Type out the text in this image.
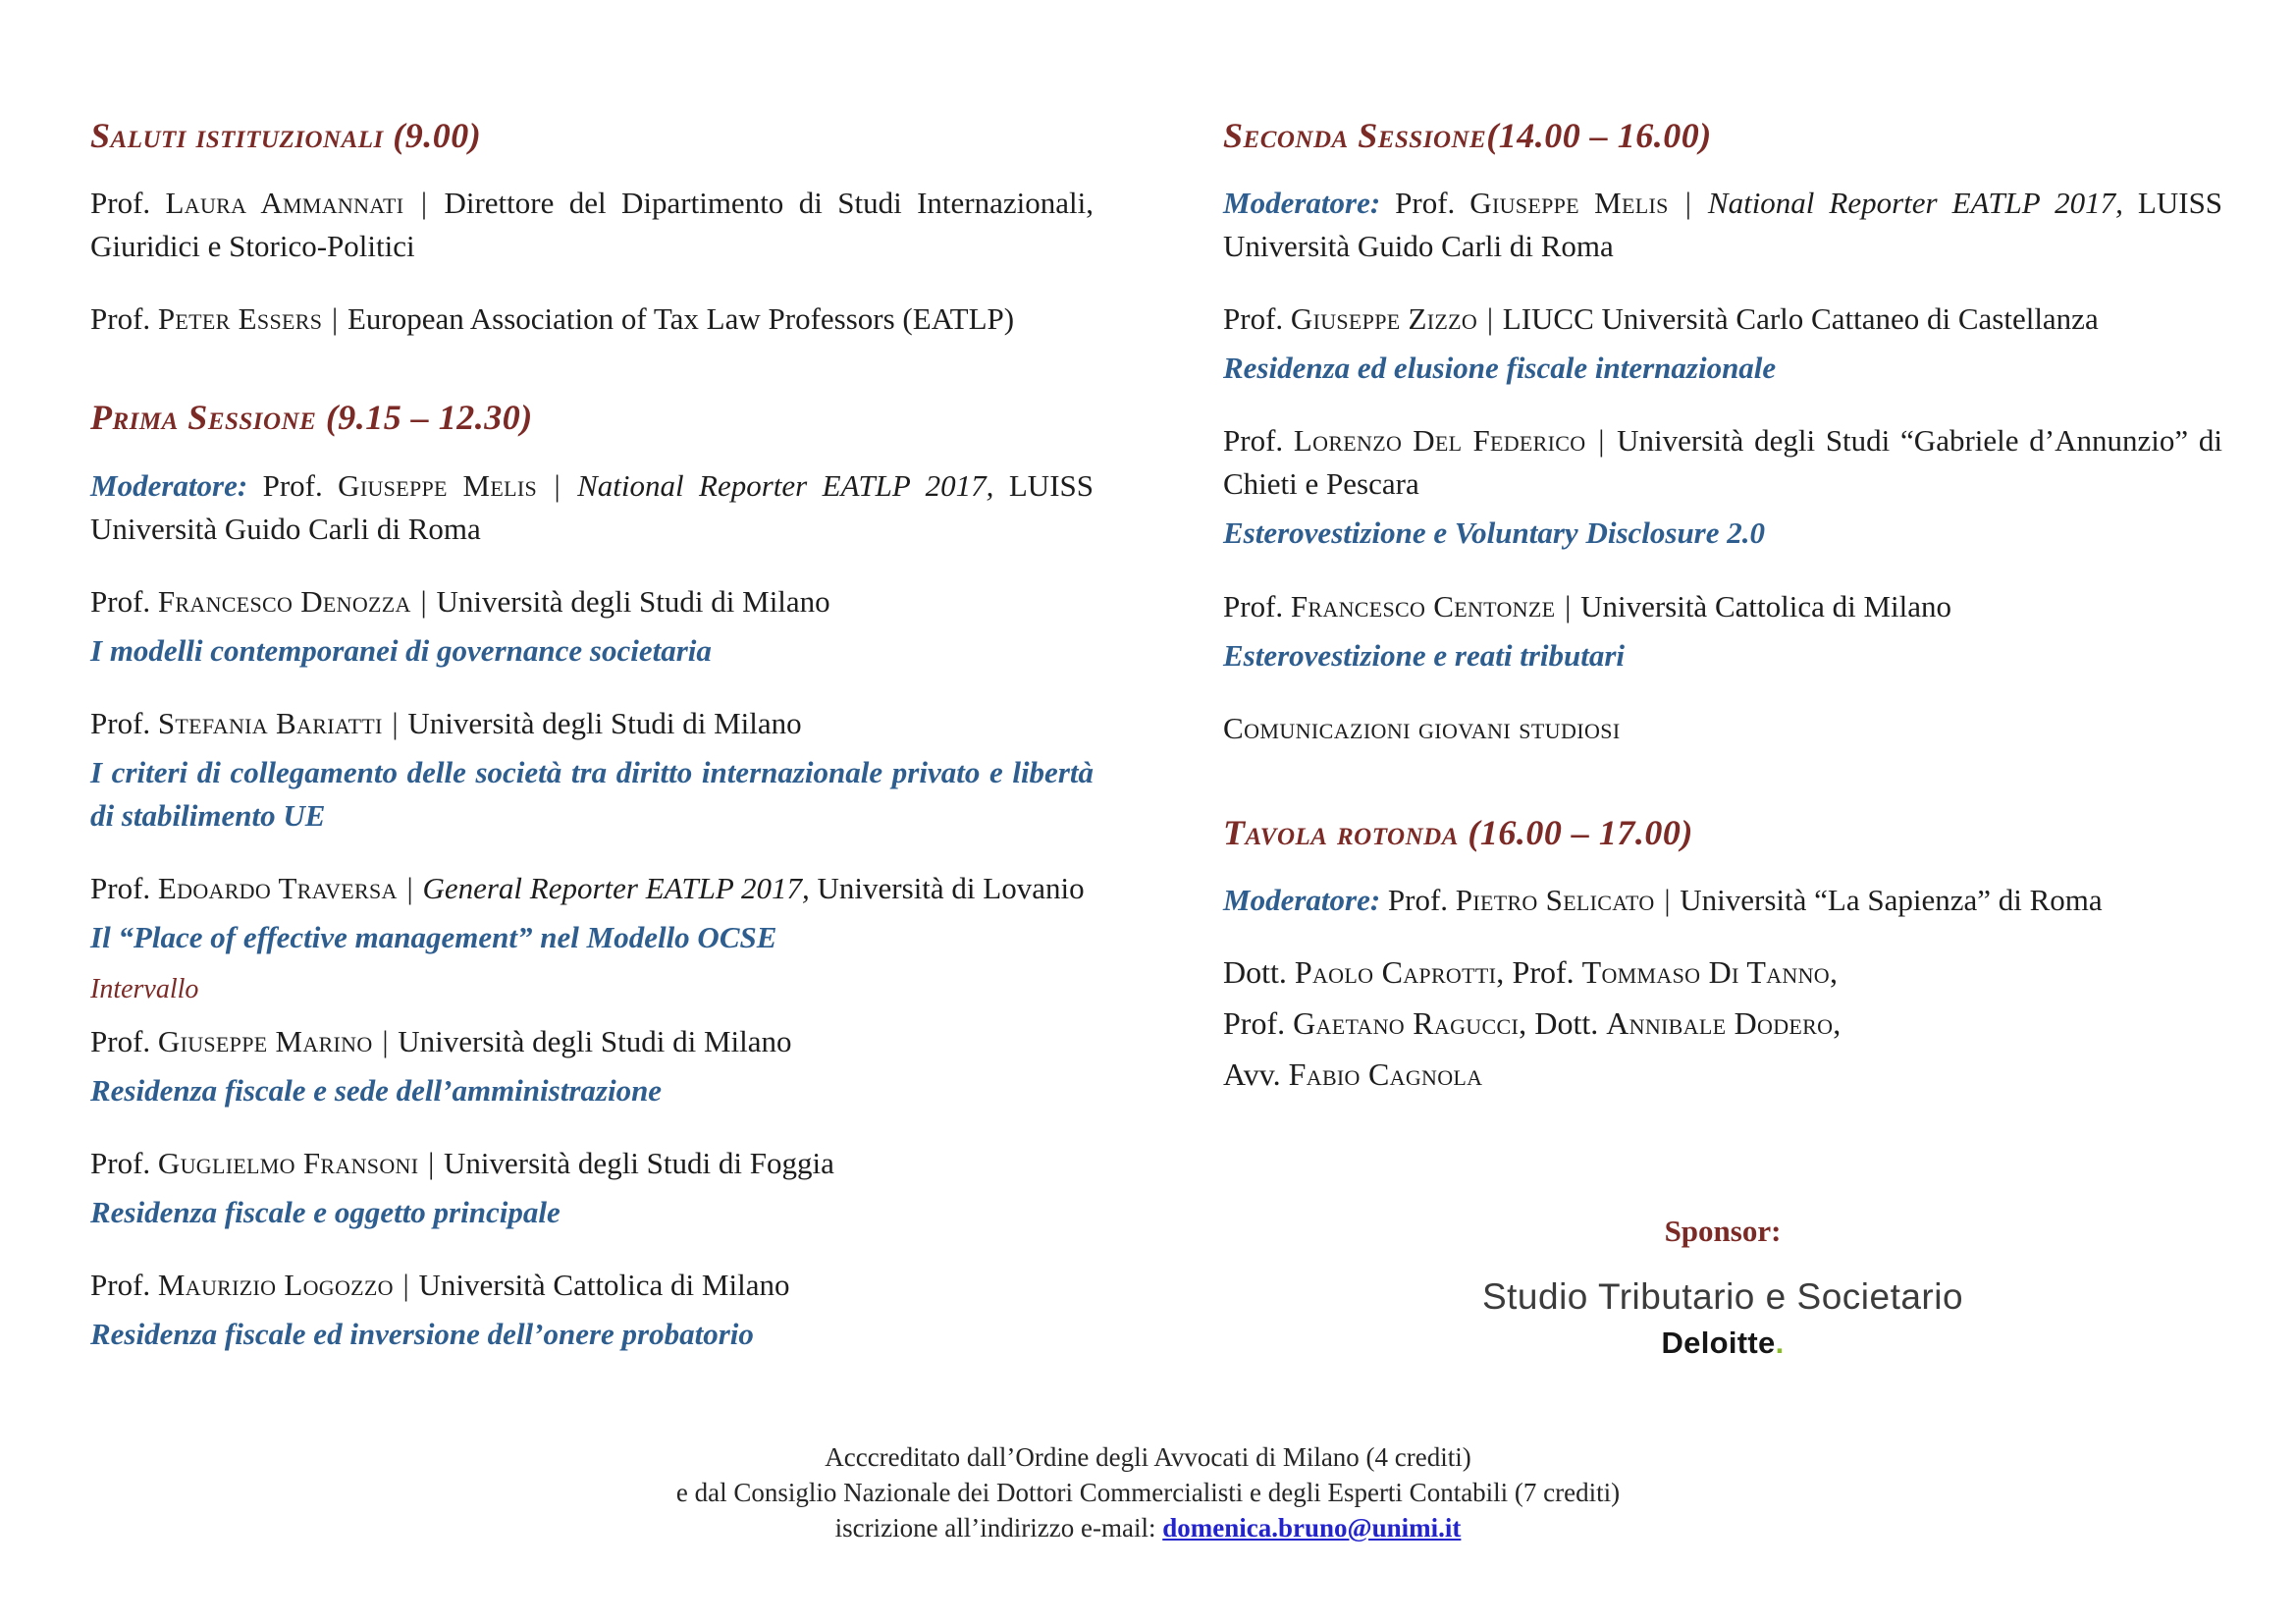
Saluti istituzionali (9.00)

Prof. Laura Ammannati | Direttore del Dipartimento di Studi Internazionali, Giuridici e Storico-Politici

Prof. Peter Essers | European Association of Tax Law Professors (EATLP)

Prima Sessione (9.15 – 12.30)

Moderatore: Prof. Giuseppe Melis | National Reporter EATLP 2017, LUISS Università Guido Carli di Roma

Prof. Francesco Denozza | Università degli Studi di Milano

I modelli contemporanei di governance societaria

Prof. Stefania Bariatti | Università degli Studi di Milano

I criteri di collegamento delle società tra diritto internazionale privato e libertà di stabilimento UE

Prof. Edoardo Traversa | General Reporter EATLP 2017, Università di Lovanio

Il “Place of effective management” nel Modello OCSE

Intervallo

Prof. Giuseppe Marino | Università degli Studi di Milano

Residenza fiscale e sede dell’amministrazione

Prof. Guglielmo Fransoni | Università degli Studi di Foggia

Residenza fiscale e oggetto principale

Prof. Maurizio Logozzo | Università Cattolica di Milano

Residenza fiscale ed inversione dell’onere probatorio

Seconda Sessione(14.00 – 16.00)

Moderatore: Prof. Giuseppe Melis | National Reporter EATLP 2017, LUISS Università Guido Carli di Roma

Prof. Giuseppe Zizzo | LIUCC Università Carlo Cattaneo di Castellanza

Residenza ed elusione fiscale internazionale

Prof. Lorenzo Del Federico | Università degli Studi “Gabriele d’Annunzio” di Chieti e Pescara

Esterovestizione e Voluntary Disclosure 2.0

Prof. Francesco Centonze | Università Cattolica di Milano

Esterovestizione e reati tributari

Comunicazioni giovani studiosi

Tavola rotonda (16.00 – 17.00)

Moderatore: Prof. Pietro Selicato | Università “La Sapienza” di Roma

Dott. Paolo Caprotti, Prof. Tommaso Di Tanno,

Prof. Gaetano Ragucci, Dott. Annibale Dodero,

Avv. Fabio Cagnola

Sponsor:
Studio Tributario e Societario
Deloitte.
Acccreditato dall’Ordine degli Avvocati di Milano (4 crediti)
e dal Consiglio Nazionale dei Dottori Commercialisti e degli Esperti Contabili (7 crediti)
iscrizione all’indirizzo e-mail: domenica.bruno@unimi.it
